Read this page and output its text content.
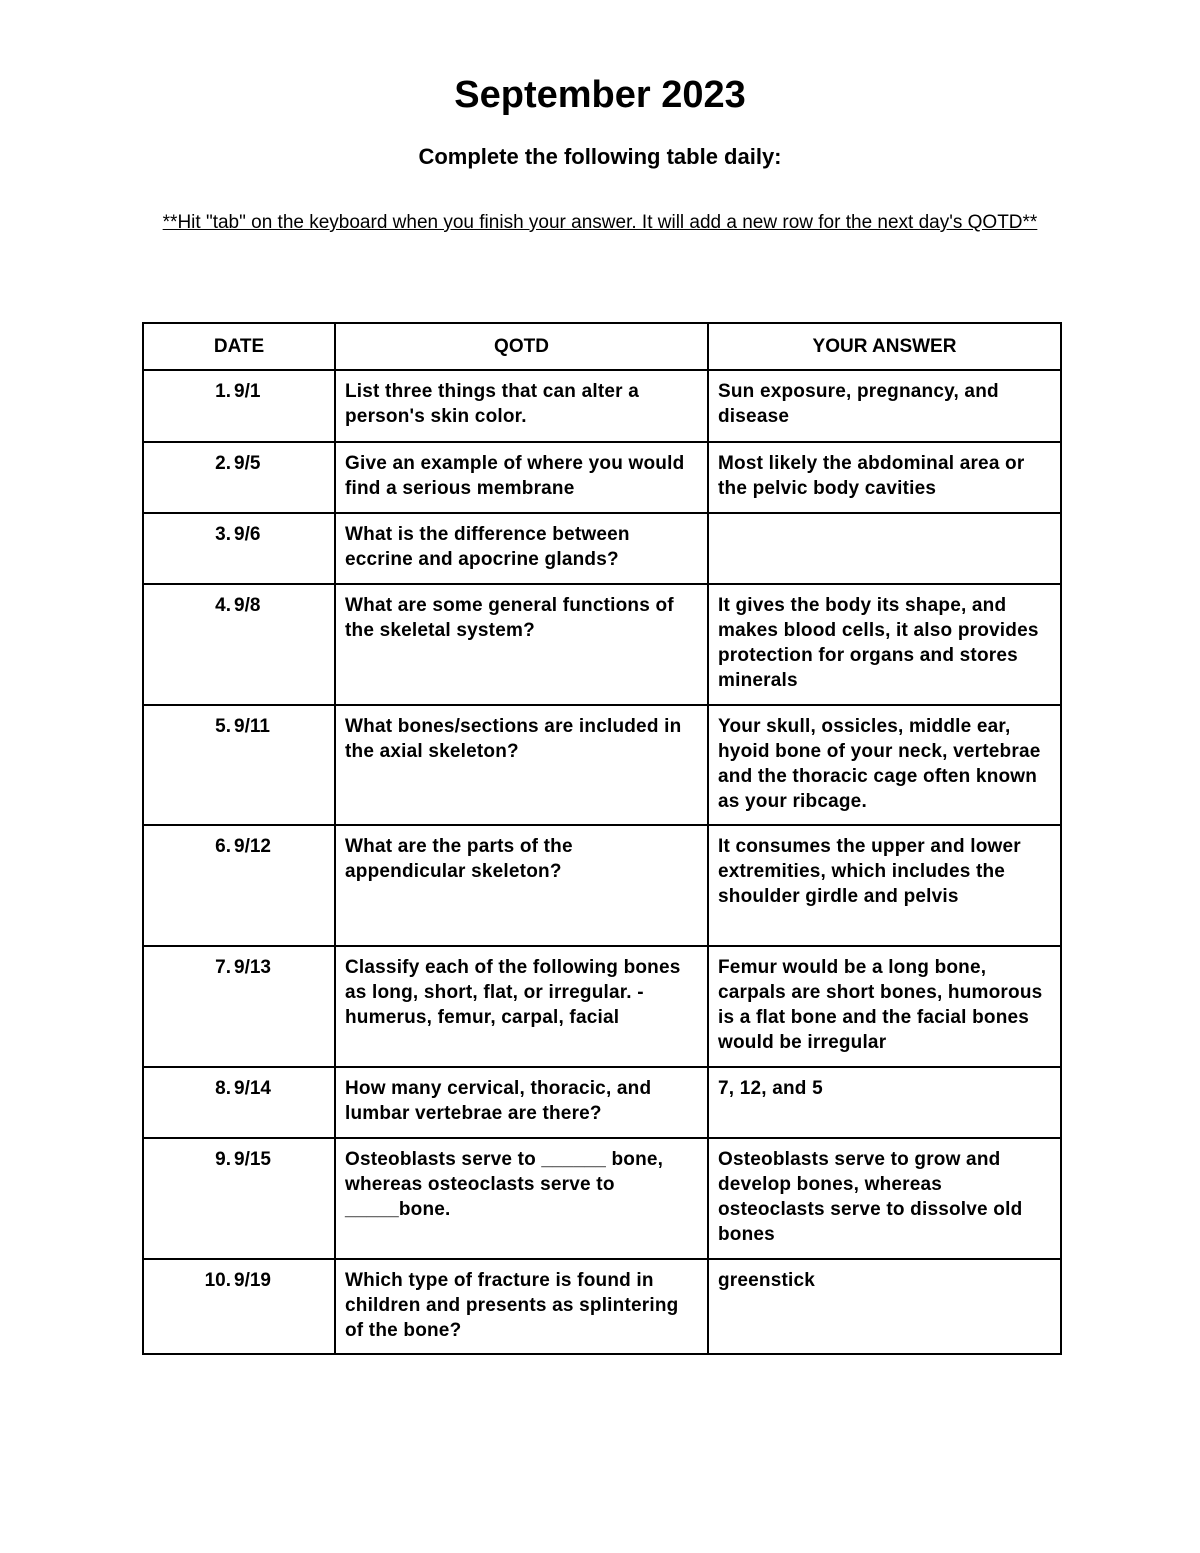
September 2023
Complete the following table daily:
**Hit "tab" on the keyboard when you finish your answer. It will add a new row for the next day's QOTD**
DATE	QOTD	YOUR ANSWER
1. 9/1	List three things that can alter a person's skin color.	Sun exposure, pregnancy, and disease
2. 9/5	Give an example of where you would find a serious membrane	Most likely the abdominal area or the pelvic body cavities
3. 9/6	What is the difference between eccrine and apocrine glands?	
4. 9/8	What are some general functions of the skeletal system?	It gives the body its shape, and makes blood cells, it also provides protection for organs and stores minerals
5. 9/11	What bones/sections are included in the axial skeleton?	Your skull, ossicles, middle ear, hyoid bone of your neck, vertebrae and the thoracic cage often known as your ribcage.
6. 9/12	What are the parts of the appendicular skeleton?	It consumes the upper and lower extremities, which includes the shoulder girdle and pelvis
7. 9/13	Classify each of the following bones as long, short, flat, or irregular. - humerus, femur, carpal, facial	Femur would be a long bone, carpals are short bones, humorous is a flat bone and the facial bones would be irregular
8. 9/14	How many cervical, thoracic, and lumbar vertebrae are there?	7, 12, and 5
9. 9/15	Osteoblasts serve to ______ bone, whereas osteoclasts serve to _____bone.	Osteoblasts serve to grow and develop bones, whereas osteoclasts serve to dissolve old bones
10. 9/19	Which type of fracture is found in children and presents as splintering of the bone?	greenstick
